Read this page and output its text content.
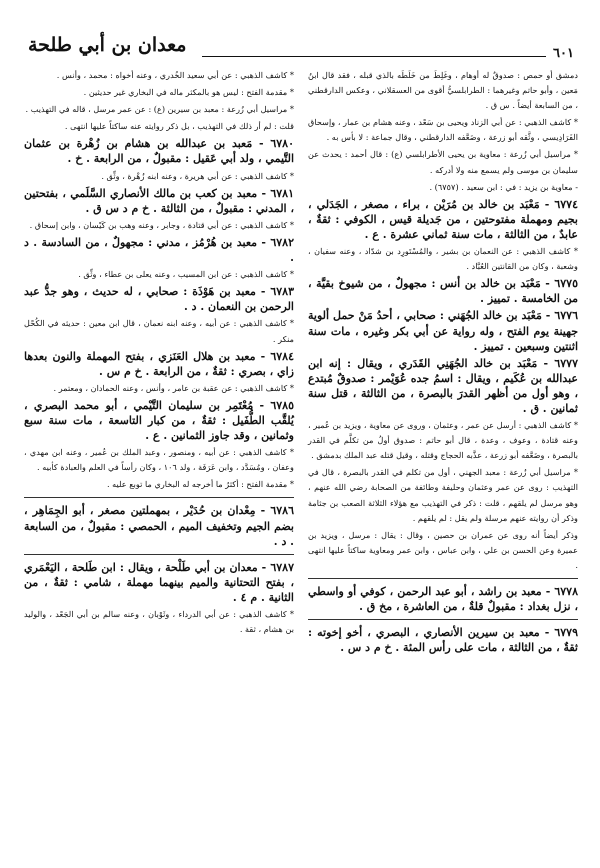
٦٠١
معدان بن أبي طلحة

دمشق أو حمص : صدوقٌ له أوهام ، وغَلِطَ من خَلَطَه بالذي قبله ، فقد قال ابنُ مَعين ، وأبو حاتم وغيرهما : الطرابلسيُّ أقوى من العسقلاني ، وعكس الدارقطني ، من السابعة أيضاً . س ق .

* كاشف الذهبي : عن أبي الزناد ويحيى بن سَعْد ، وعنه هشام بن عمار ، وإسحاق الفَرَادِيسي ، وثَّقه أبو زرعة ، وضَعَّفه الدارقطني ، وقال جماعة : لا بأس به .

* مراسيل أبي زُرعة : معاوية بن يحيى الأطرابلسي (ع) : قال أحمد : يحدث عن سليمان بن موسى ولم يسمع منه ولا أدركه .

- معاوية بن يزيد : في : ابن سعيد . (٦٧٥٧) .

٦٧٧٤ - مَعْبَد بن خالد بن مُرَيْن ، براء ، مصغر ، الجَدَلي ، بجيم ومهملة مفتوحتين ، من جَديلة قيس ، الكوفي : ثقةٌ ، عابدٌ ، من الثالثة ، مات سنة ثماني عشرة . ع .

* كاشف الذهبي : عن النعمان بن بشير ، والمُسْتَورِد بن شدّاد ، وعنه سفيان ، وشعبة ، وكان من القانتين العُبَّاد .

٦٧٧٥ - مَعْبَد بن خالد بن أنس : مجهولٌ ، من شيوخ بقيَّة ، من الخامسة . تمييز .

٦٧٧٦ - مَعْبَد بن خالد الجُهَني : صحابي ، أحدُ مَنْ حمل ألوية جهينة يوم الفتح ، وله رواية عن أبي بكر وغيره ، مات سنة اثنتين وسبعين . تمييز .

٦٧٧٧ - مَعْبَد بن خالد الجُهَنِي القَدَري ، ويقال : إنه ابن عبدالله بن عُكَيم ، ويقال : اسمُ جده عُوَيْمر : صدوقٌ مُبتدع ، وهو أول من أظهر القدرَ بالبصرة ، من الثالثة ، قتل سنة ثمانين . ق .

* كاشف الذهبي : أرسل عن عمر ، وعثمان ، وروى عن معاوية ، ويزيد بن عُمير ، وعنه قتادة ، وعوف ، وعدة ، قال أبو حاتم : صدوق أولُ من تكلَّم في القدر بالبصرة ، وضَعَّفه أبو زرعة ، عذَّبه الحجاج وقتله ، وقيل قتله عبد الملك بدمشق .

* مراسيل أبي زُرعة : معبد الجهني ، أول من تكلم في القدر بالبصرة ، قال في التهذيب : روى عن عمر وعثمان وحليفة وطائفة من الصحابة رضي الله عنهم ، وهو مرسل لم يلقهم ، قلت : ذكر في التهذيب مع هؤلاء الثلاثة الصعب بن جثامة وذكر أن روايته عنهم مرسلة ولم يقل : لم يلقهم .

وذكر أيضاً أنه روى عن عمران بن حصين ، وقال : يقال : مرسل ، ويزيد بن عميرة وعن الحسن بن علي ، وابن عباس ، وابن عمر ومعاوية ساكتاً عليها انتهى .

٦٧٧٨ - معبد بن راشد ، أبو عبد الرحمن ، كوفي أو واسطي ، نزل بغداد : مقبولٌ قلةٌ ، من العاشرة ، مخ ق .

٦٧٧٩ - معبد بن سيرين الأنصاري ، البصري ، أخو إخوته : ثقةٌ ، من الثالثة ، مات على رأس المئة . خ م د س .

* كاشف الذهبي : عن أبي سعيد الخُدري ، وعنه أخواه : محمد ، وأنس .

* مقدمة الفتح : ليس هو بالمكثر ماله في البخاري غير حديثين .

* مراسيل أبي زُرعة : معبد بن سيرين (ع) : عن عمر مرسل ، قاله في التهذيب .

قلت : لم أر ذلك في التهذيب ، بل ذكر روايته عنه ساكتاً عليها انتهى .

٦٧٨٠ - مَعبد بن عبدالله بن هشام بن زُهْرة بن عثمان التَّيمي ، ولد أبي عَقيل : مقبولٌ ، من الرابعة . خ .

* كاشف الذهبي : عن أبي هريرة ، وعنه ابنه زُهْرة ، وثِّق .

٦٧٨١ - معبد بن كعب بن مالك الأنصاري السَّلَمي ، بفتحتين ، المدني : مقبولٌ ، من الثالثة . خ م د س ق .

* كاشف الذهبي : عن أبي قتادة ، وجابر ، وعنه وهب بن كَيْسان ، وابن إسحاق .

٦٧٨٢ - معبد بن هُرْمُز ، مدني : مجهولٌ ، من السادسة . د .

* كاشف الذهبي : عن ابن المسيب ، وعنه يعلى بن عطاء ، وثِّق .

٦٧٨٣ - معبد بن هَوْذَة : صحابي ، له حديث ، وهو جدُّ عبد الرحمن بن النعمان . د .

* كاشف الذهبي : عن أبيه ، وعنه ابنه نعمان ، قال ابن معين : حديثه في الكُحْل منكر .

٦٧٨٤ - معبد بن هلال العَنَزي ، بفتح المهملة والنون بعدها زاي ، بصري : ثقةٌ ، من الرابعة . خ م س .

* كاشف الذهبي : عن عقبة بن عامر ، وأنس ، وعنه الحمادان ، ومعتمر .

٦٧٨٥ - مُعْتَمِر بن سليمان التَّيْمي ، أبو محمد البصري ، يُلقَّب الطُّفَيل : ثقةٌ ، من كبار التاسعة ، مات سنة سبع وثمانين ، وقد جاوز الثمانين . ع .

* كاشف الذهبي : عن أبيه ، ومنصور ، وعبد الملك بن عُمير ، وعنه ابن مهدي ، وعفان ، ومُسَدَّد ، وابن عَرَفَة ، ولد ١٠٦ ، وكان رأساً في العلم والعبادة كأبيه .

* مقدمة الفتح : أكثرُ ما أخرجه له البخاري ما توبع عليه .

٦٧٨٦ - مِعْدان بن حُدَيْر ، بمهملتين مصغر ، أبو الجِمَاهِر ، بضم الجيم وتخفيف الميم ، الحمصي : مقبولٌ ، من السابعة . د .

٦٧٨٧ - معدان بن أبي طَلْحة ، ويقال : ابن طَلحة ، اليَعْمَري ، بفتح التحتانية والميم بينهما مهملة ، شامي : ثقةٌ ، من الثانية . م ٤ .

* كاشف الذهبي : عن أبي الدرداء ، وثَوْبان ، وعنه سالم بن أبي الجَعْد ، والوليد بن هشام ، ثقة .
